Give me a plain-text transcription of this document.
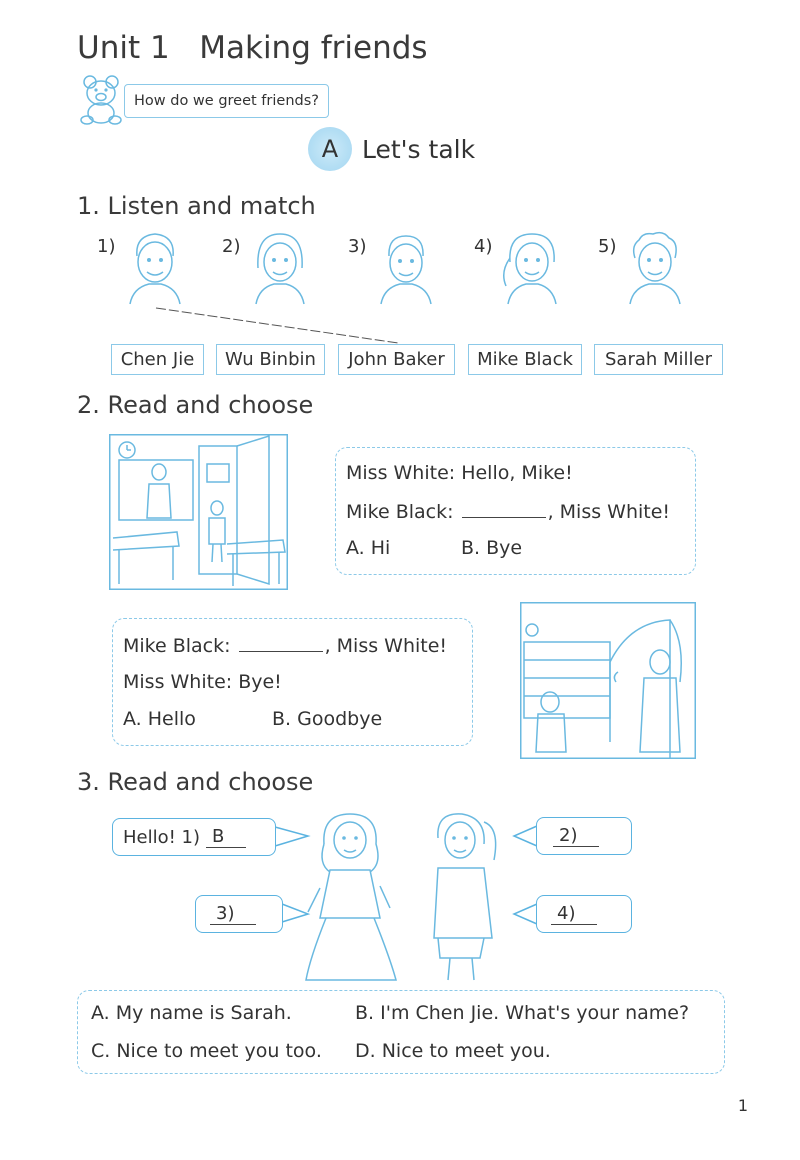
Unit 1   Making friends
How do we greet friends?
A Let's talk
1. Listen and match
1)	2)	3)	4)	5)
Chen Jie Wu Binbin John Baker Mike Black Sarah Miller
2. Read and choose
Miss White: Hello, Mike!
Mike Black:	, Miss White!
A. Hi	B. Bye
Mike Black:	, Miss White!
Miss White: Bye!
A. Hello	B. Goodbye
3. Read and choose
Hello! 1) B	2)
3)	4)
A. My name is Sarah.	B. I'm Chen Jie. What's your name?
C. Nice to meet you too. D. Nice to meet you.
1
